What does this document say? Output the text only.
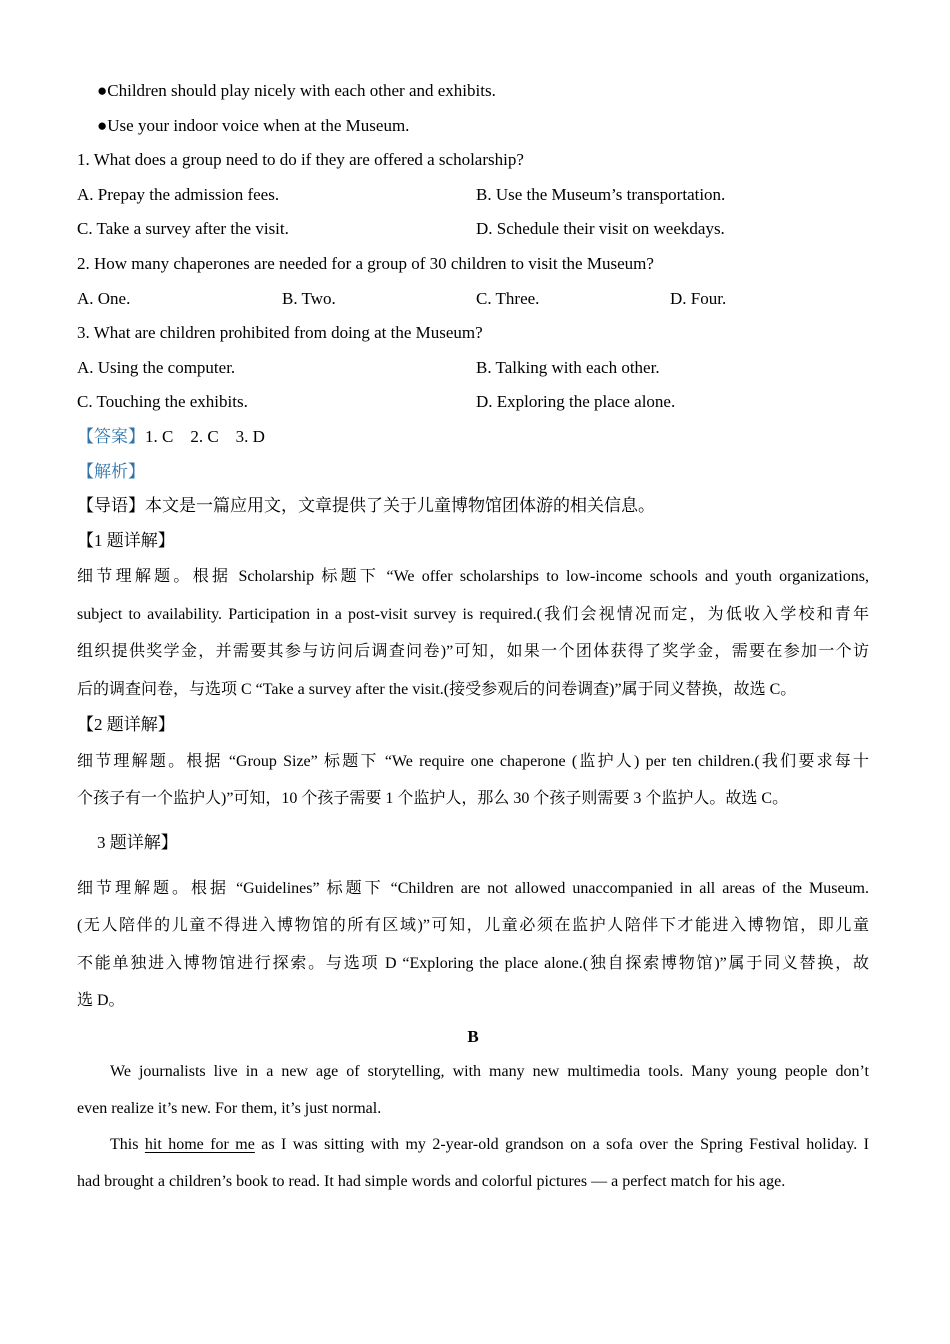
●Children should play nicely with each other and exhibits.
●Use your indoor voice when at the Museum.
1. What does a group need to do if they are offered a scholarship?
A. Prepay the admission fees.	B. Use the Museum’s transportation.
C. Take a survey after the visit.	D. Schedule their visit on weekdays.
2. How many chaperones are needed for a group of 30 children to visit the Museum?
A. One.	B. Two.	C. Three.	D. Four.
3. What are children prohibited from doing at the Museum?
A. Using the computer.	B. Talking with each other.
C. Touching the exhibits.	D. Exploring the place alone.
【答案】1. C　2. C　3. D
【解析】
【导语】本文是一篇应用文，文章提供了关于儿童博物馆团体游的相关信息。
【1 题详解】
细节理解题。根据 Scholarship 标题下 “We offer scholarships to low-income schools and youth organizations,
subject to availability. Participation in a post-visit survey is required.(我们会视情况而定，为低收入学校和青年
组织提供奖学金，并需要其参与访问后调查问卷)”可知，如果一个团体获得了奖学金，需要在参加一个访
后的调查问卷，与选项 C “Take a survey after the visit.(接受参观后的问卷调查)”属于同义替换，故选 C。
【2 题详解】
细节理解题。根据 “Group Size” 标题下 “We require one chaperone (监护人) per ten children.(我们要求每十
个孩子有一个监护人)”可知，10 个孩子需要 1 个监护人，那么 30 个孩子则需要 3 个监护人。故选 C。
3 题详解】
细节理解题。根据 “Guidelines” 标题下 “Children are not allowed unaccompanied in all areas of the Museum.
(无人陪伴的儿童不得进入博物馆的所有区域)”可知，儿童必须在监护人陪伴下才能进入博物馆，即儿童
不能单独进入博物馆进行探索。与选项 D “Exploring the place alone.(独自探索博物馆)”属于同义替换，故
选 D。
B
We journalists live in a new age of storytelling, with many new multimedia tools. Many young people don’t
even realize it’s new. For them, it’s just normal.
This hit home for me as I was sitting with my 2-year-old grandson on a sofa over the Spring Festival holiday. I
had brought a children’s book to read. It had simple words and colorful pictures — a perfect match for his age.
